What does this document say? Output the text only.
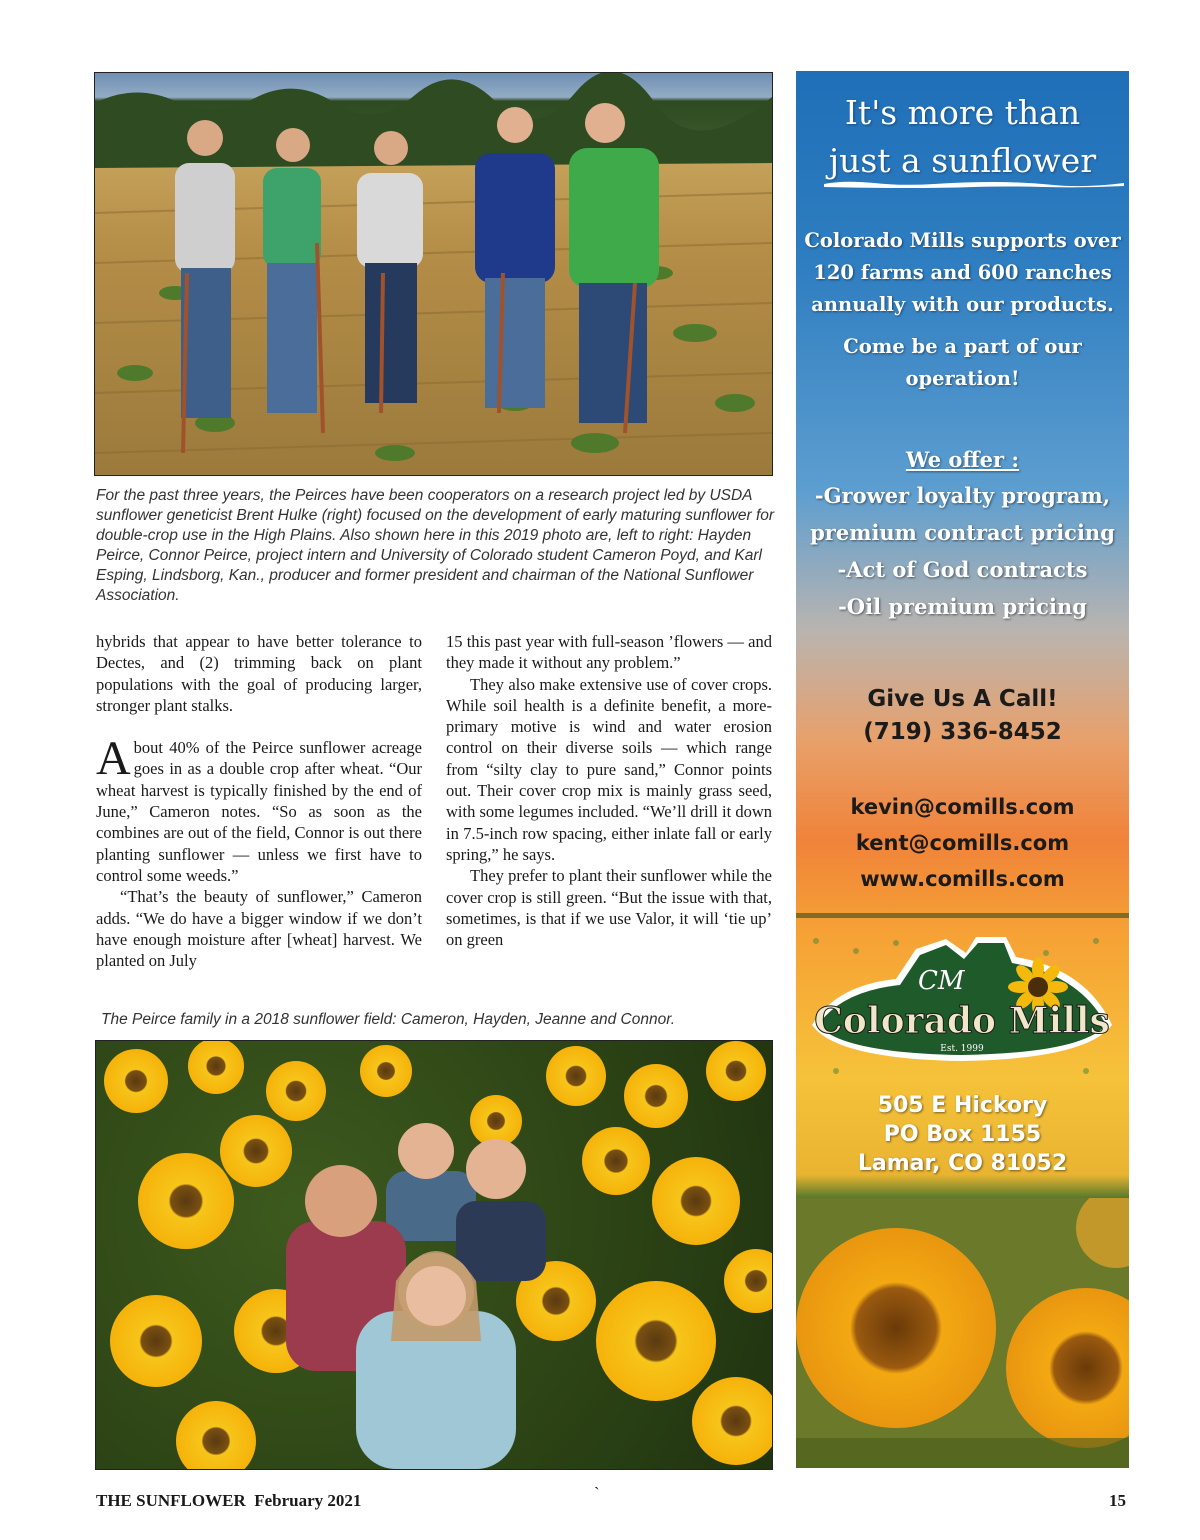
For the past three years, the Peirces have been cooperators on a research project led by USDA sunflower geneticist Brent Hulke (right) focused on the development of early maturing sunflower for double-crop use in the High Plains. Also shown here in this 2019 photo are, left to right: Hayden Peirce, Connor Peirce, project intern and University of Colorado student Cameron Poyd, and Karl Esping, Lindsborg, Kan., producer and former president and chairman of the National Sunflower Association.

hybrids that appear to have better tolerance to Dectes, and (2) trimming back on plant populations with the goal of producing larger, stronger plant stalks.

About 40% of the Peirce sunflower acreage goes in as a double crop after wheat. “Our wheat harvest is typically finished by the end of June,” Cameron notes. “So as soon as the combines are out of the field, Connor is out there planting sunflower — unless we first have to control some weeds.”

“That’s the beauty of sunflower,” Cameron adds. “We do have a bigger window if we don’t have enough moisture after [wheat] harvest. We planted on July

15 this past year with full-season ’flowers — and they made it without any problem.”

They also make extensive use of cover crops. While soil health is a definite benefit, a more-primary motive is wind and water erosion control on their diverse soils — which range from “silty clay to pure sand,” Connor points out. Their cover crop mix is mainly grass seed, with some legumes included. “We’ll drill it down in 7.5-inch row spacing, either inlate fall or early spring,” he says.

They prefer to plant their sunflower while the cover crop is still green. “But the issue with that, sometimes, is that if we use Valor, it will ‘tie up’ on green

The Peirce family in a 2018 sunflower field: Cameron, Hayden, Jeanne and Connor.
It's more than
just a sunflower
Colorado Mills supports over
120 farms and 600 ranches
annually with our products.
Come be a part of our
operation!
We offer :
-Grower loyalty program,
premium contract pricing
-Act of God contracts
-Oil premium pricing
Give Us A Call!
(719) 336-8452
kevin@comills.com
kent@comills.com
www.comills.com
CM
Colorado Mills
Est. 1999
505 E Hickory
PO Box 1155
Lamar, CO 81052
THE SUNFLOWER  February 2021	`	15
